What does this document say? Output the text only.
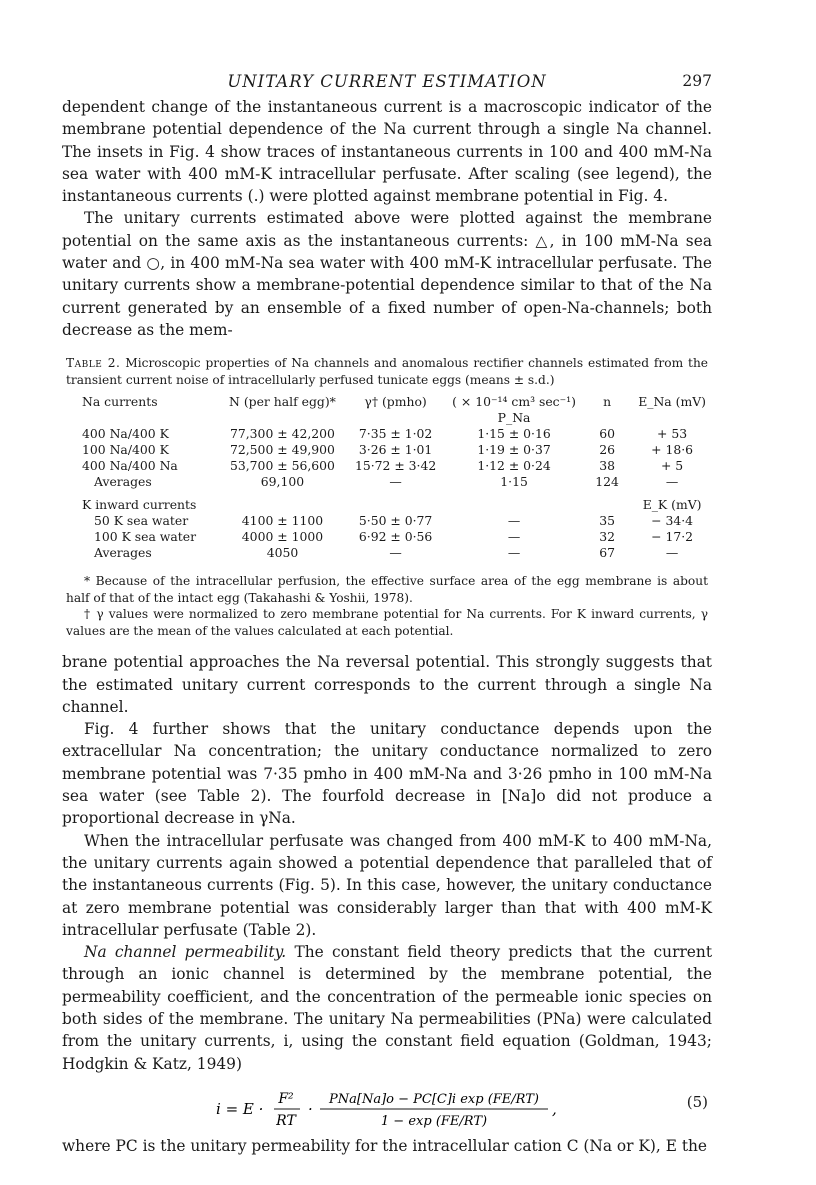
UNITARY CURRENT ESTIMATION	297

dependent change of the instantaneous current is a macroscopic indicator of the membrane potential dependence of the Na current through a single Na channel. The insets in Fig. 4 show traces of instantaneous currents in 100 and 400 mM-Na sea water with 400 mM-K intracellular perfusate. After scaling (see legend), the instantaneous currents (.) were plotted against membrane potential in Fig. 4.

The unitary currents estimated above were plotted against the membrane potential on the same axis as the instantaneous currents: △, in 100 mM-Na sea water and ○, in 400 mM-Na sea water with 400 mM-K intracellular perfusate. The unitary currents show a membrane-potential dependence similar to that of the Na current generated by an ensemble of a fixed number of open-Na-channels; both decrease as the mem-

Table 2. Microscopic properties of Na channels and anomalous rectifier channels estimated from the transient current noise of intracellularly perfused tunicate eggs (means ± s.d.)
Na currents	N (per half egg)*	γ† (pmho)	( × 10⁻¹⁴ cm³ sec⁻¹)	n	E_Na (mV)
			P_Na		
400 Na/400 K	77,300 ± 42,200	7·35 ± 1·02	1·15 ± 0·16	60	+ 53
100 Na/400 K	72,500 ± 49,900	3·26 ± 1·01	1·19 ± 0·37	26	+ 18·6
400 Na/400 Na	53,700 ± 56,600	15·72 ± 3·42	1·12 ± 0·24	38	+ 5
Averages	69,100	—	1·15	124	—
K inward currents					E_K (mV)
50 K sea water	4100 ± 1100	5·50 ± 0·77	—	35	− 34·4
100 K sea water	4000 ± 1000	6·92 ± 0·56	—	32	− 17·2
Averages	4050	—	—	67	—
* Because of the intracellular perfusion, the effective surface area of the egg membrane is about half of that of the intact egg (Takahashi & Yoshii, 1978).
† γ values were normalized to zero membrane potential for Na currents. For K inward currents, γ values are the mean of the values calculated at each potential.

brane potential approaches the Na reversal potential. This strongly suggests that the estimated unitary current corresponds to the current through a single Na channel.

Fig. 4 further shows that the unitary conductance depends upon the extracellular Na concentration; the unitary conductance normalized to zero membrane potential was 7·35 pmho in 400 mM-Na and 3·26 pmho in 100 mM-Na sea water (see Table 2). The fourfold decrease in [Na]o did not produce a proportional decrease in γNa.

When the intracellular perfusate was changed from 400 mM-K to 400 mM-Na, the unitary currents again showed a potential dependence that paralleled that of the instantaneous currents (Fig. 5). In this case, however, the unitary conductance at zero membrane potential was considerably larger than that with 400 mM-K intracellular perfusate (Table 2).

Na channel permeability. The constant field theory predicts that the current through an ionic channel is determined by the membrane potential, the permeability coefficient, and the concentration of the permeable ionic species on both sides of the membrane. The unitary Na permeabilities (PNa) were calculated from the unitary currents, i, using the constant field equation (Goldman, 1943; Hodgkin & Katz, 1949)

i = E ·
F²
RT
·
PNa[Na]o − PC[C]i exp (FE/RT)
1 − exp (FE/RT)
,	(5)

where PC is the unitary permeability for the intracellular cation C (Na or K), E the
